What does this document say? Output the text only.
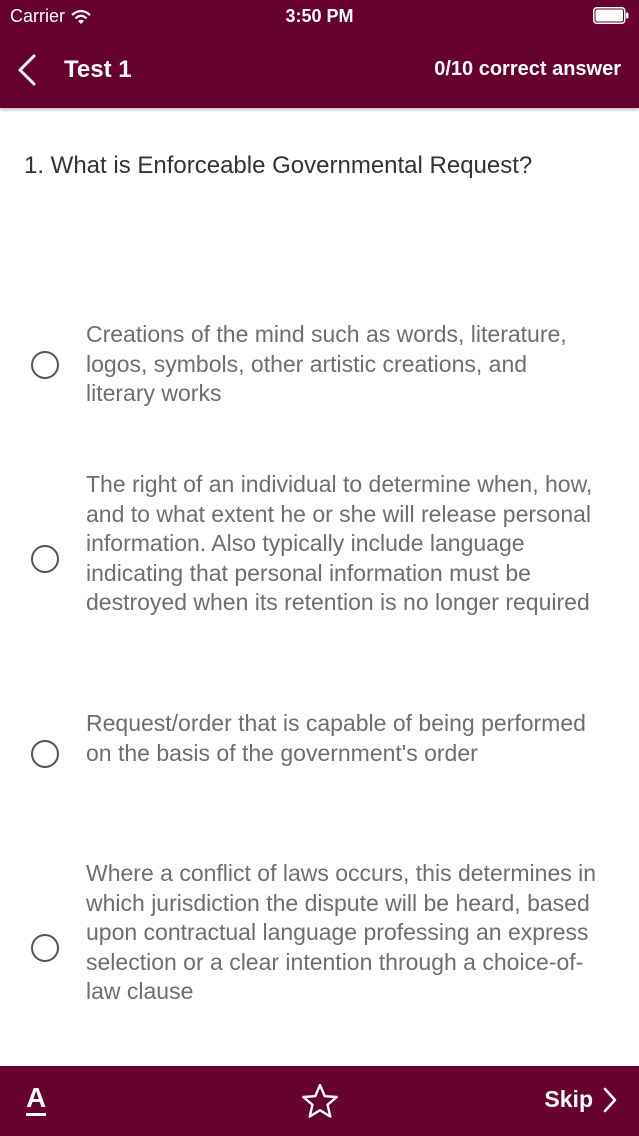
Carrier	3:50 PM
Test 1	0/10 correct answer
1. What is Enforceable Governmental Request?
Creations of the mind such as words, literature, logos, symbols, other artistic creations, and literary works
The right of an individual to determine when, how, and to what extent he or she will release personal information. Also typically include language indicating that personal information must be destroyed when its retention is no longer required
Request/order that is capable of being performed on the basis of the government's order
Where a conflict of laws occurs, this determines in which jurisdiction the dispute will be heard, based upon contractual language professing an express selection or a clear intention through a choice-of-law clause
A	Skip
